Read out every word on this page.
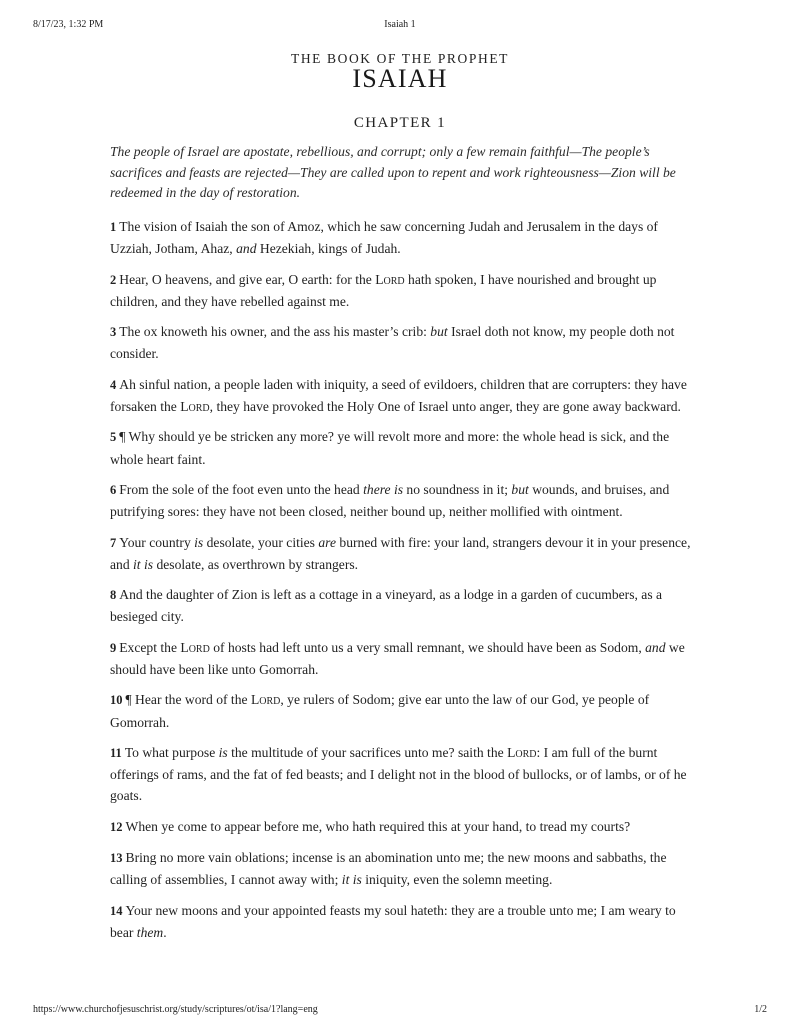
8/17/23, 1:32 PM	Isaiah 1
THE BOOK OF THE PROPHET
ISAIAH
CHAPTER 1

The people of Israel are apostate, rebellious, and corrupt; only a few remain faithful—The people’s sacrifices and feasts are rejected—They are called upon to repent and work righteousness—Zion will be redeemed in the day of restoration.

1 The vision of Isaiah the son of Amoz, which he saw concerning Judah and Jerusalem in the days of Uzziah, Jotham, Ahaz, and Hezekiah, kings of Judah.

2 Hear, O heavens, and give ear, O earth: for the Lord hath spoken, I have nourished and brought up children, and they have rebelled against me.

3 The ox knoweth his owner, and the ass his master’s crib: but Israel doth not know, my people doth not consider.

4 Ah sinful nation, a people laden with iniquity, a seed of evildoers, children that are corrupters: they have forsaken the Lord, they have provoked the Holy One of Israel unto anger, they are gone away backward.

5 ¶ Why should ye be stricken any more? ye will revolt more and more: the whole head is sick, and the whole heart faint.

6 From the sole of the foot even unto the head there is no soundness in it; but wounds, and bruises, and putrifying sores: they have not been closed, neither bound up, neither mollified with ointment.

7 Your country is desolate, your cities are burned with fire: your land, strangers devour it in your presence, and it is desolate, as overthrown by strangers.

8 And the daughter of Zion is left as a cottage in a vineyard, as a lodge in a garden of cucumbers, as a besieged city.

9 Except the Lord of hosts had left unto us a very small remnant, we should have been as Sodom, and we should have been like unto Gomorrah.

10 ¶ Hear the word of the Lord, ye rulers of Sodom; give ear unto the law of our God, ye people of Gomorrah.

11 To what purpose is the multitude of your sacrifices unto me? saith the Lord: I am full of the burnt offerings of rams, and the fat of fed beasts; and I delight not in the blood of bullocks, or of lambs, or of he goats.

12 When ye come to appear before me, who hath required this at your hand, to tread my courts?

13 Bring no more vain oblations; incense is an abomination unto me; the new moons and sabbaths, the calling of assemblies, I cannot away with; it is iniquity, even the solemn meeting.

14 Your new moons and your appointed feasts my soul hateth: they are a trouble unto me; I am weary to bear them.

https://www.churchofjesuschrist.org/study/scriptures/ot/isa/1?lang=eng	1/2
